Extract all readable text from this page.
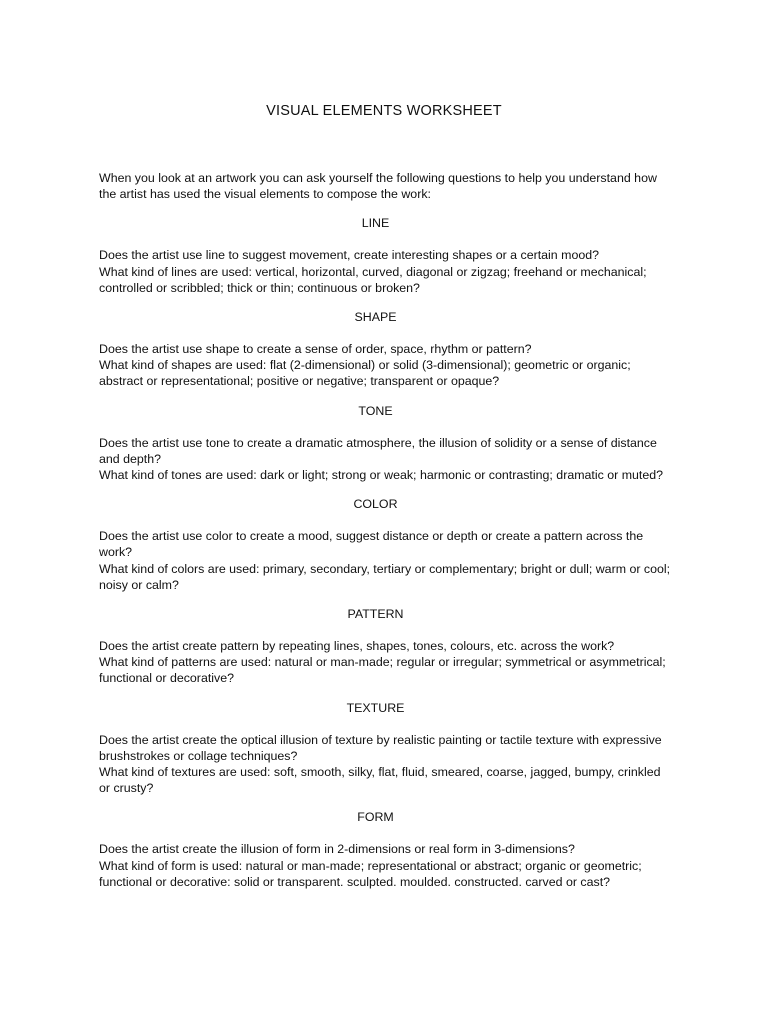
VISUAL ELEMENTS WORKSHEET

When you look at an artwork you can ask yourself the following questions to help you understand how the artist has used the visual elements to compose the work:

LINE

Does the artist use line to suggest movement, create interesting shapes or a certain mood?
What kind of lines are used: vertical, horizontal, curved, diagonal or zigzag; freehand or mechanical; controlled or scribbled; thick or thin; continuous or broken?

SHAPE

Does the artist use shape to create a sense of order, space, rhythm or pattern?
What kind of shapes are used: flat (2-dimensional) or solid (3-dimensional); geometric or organic; abstract or representational; positive or negative; transparent or opaque?

TONE

Does the artist use tone to create a dramatic atmosphere, the illusion of solidity or a sense of distance and depth?
What kind of tones are used: dark or light; strong or weak; harmonic or contrasting; dramatic or muted?

COLOR

Does the artist use color to create a mood, suggest distance or depth or create a pattern across the work?
What kind of colors are used: primary, secondary, tertiary or complementary; bright or dull; warm or cool; noisy or calm?

PATTERN

Does the artist create pattern by repeating lines, shapes, tones, colours, etc. across the work?
What kind of patterns are used: natural or man-made; regular or irregular; symmetrical or asymmetrical; functional or decorative?

TEXTURE

Does the artist create the optical illusion of texture by realistic painting or tactile texture with expressive brushstrokes or collage techniques?
What kind of textures are used: soft, smooth, silky, flat, fluid, smeared, coarse, jagged, bumpy, crinkled or crusty?

FORM

Does the artist create the illusion of form in 2-dimensions or real form in 3-dimensions?
What kind of form is used: natural or man-made; representational or abstract; organic or geometric; functional or decorative: solid or transparent. sculpted. moulded. constructed. carved or cast?
